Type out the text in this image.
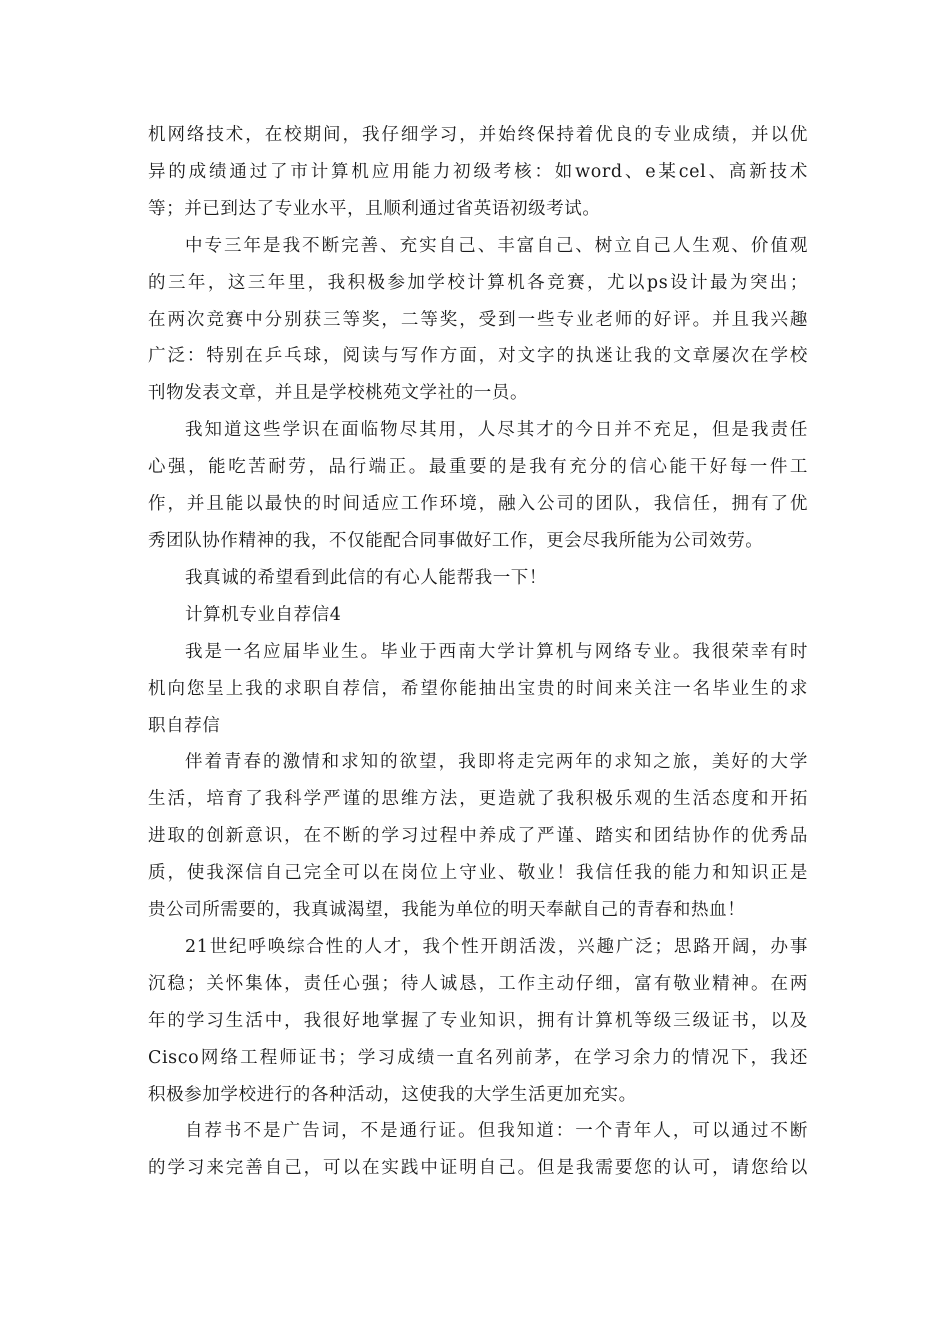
机网络技术，在校期间，我仔细学习，并始终保持着优良的专业成绩，并以优
异的成绩通过了市计算机应用能力初级考核：如word、e某cel、高新技术
等；并已到达了专业水平，且顺利通过省英语初级考试。
中专三年是我不断完善、充实自己、丰富自己、树立自己人生观、价值观
的三年，这三年里，我积极参加学校计算机各竞赛，尤以ps设计最为突出；
在两次竞赛中分别获三等奖，二等奖，受到一些专业老师的好评。并且我兴趣
广泛：特别在乒乓球，阅读与写作方面，对文字的执迷让我的文章屡次在学校
刊物发表文章，并且是学校桃苑文学社的一员。
我知道这些学识在面临物尽其用，人尽其才的今日并不充足，但是我责任
心强，能吃苦耐劳，品行端正。最重要的是我有充分的信心能干好每一件工
作，并且能以最快的时间适应工作环境，融入公司的团队，我信任，拥有了优
秀团队协作精神的我，不仅能配合同事做好工作，更会尽我所能为公司效劳。
我真诚的希望看到此信的有心人能帮我一下！
计算机专业自荐信4
我是一名应届毕业生。毕业于西南大学计算机与网络专业。我很荣幸有时
机向您呈上我的求职自荐信，希望你能抽出宝贵的时间来关注一名毕业生的求
职自荐信
伴着青春的激情和求知的欲望，我即将走完两年的求知之旅，美好的大学
生活，培育了我科学严谨的思维方法，更造就了我积极乐观的生活态度和开拓
进取的创新意识，在不断的学习过程中养成了严谨、踏实和团结协作的优秀品
质，使我深信自己完全可以在岗位上守业、敬业！我信任我的能力和知识正是
贵公司所需要的，我真诚渴望，我能为单位的明天奉献自己的青春和热血！
21世纪呼唤综合性的人才，我个性开朗活泼，兴趣广泛；思路开阔，办事
沉稳；关怀集体，责任心强；待人诚恳，工作主动仔细，富有敬业精神。在两
年的学习生活中，我很好地掌握了专业知识，拥有计算机等级三级证书，以及
Cisco网络工程师证书；学习成绩一直名列前茅，在学习余力的情况下，我还
积极参加学校进行的各种活动，这使我的大学生活更加充实。
自荐书不是广告词，不是通行证。但我知道：一个青年人，可以通过不断
的学习来完善自己，可以在实践中证明自己。但是我需要您的认可，请您给以
